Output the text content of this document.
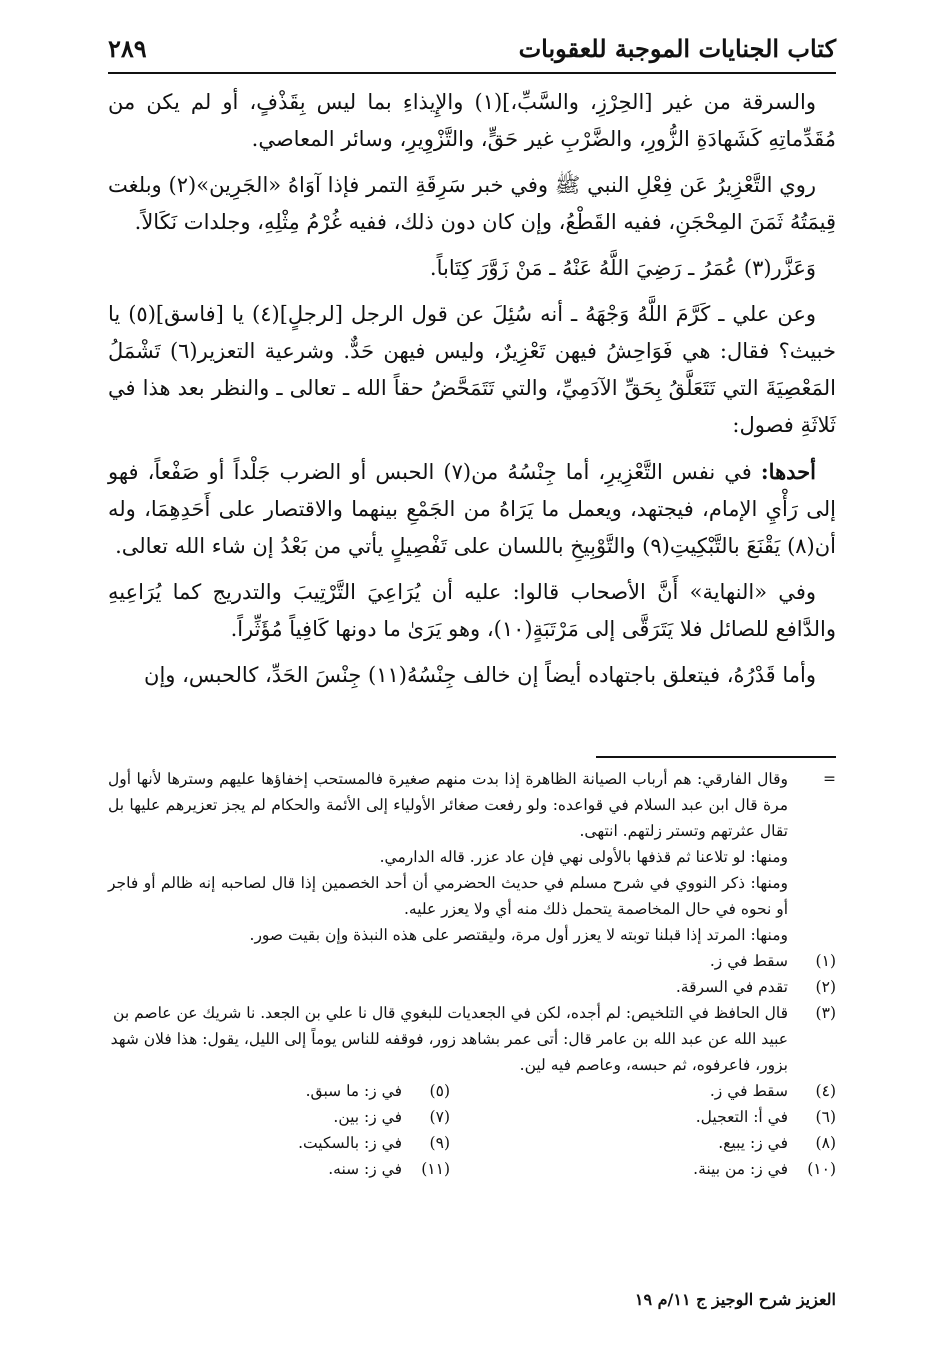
كتاب الجنايات الموجبة للعقوبات
٢٨٩

والسرقة من غير [الحِرْزِ، والسَّبِّ،](١) والإِيذاءِ بما ليس بِقَذْفٍ، أو لم يكن من مُقَدِّماتِهِ كَشَهادَةِ الزُّورِ، والضَّرْبِ غير حَقٍّ، والتَّزْوِيرِ، وسائر المعاصي.

روي التَّعْزِيرُ عَن فِعْلِ النبي ﷺ وفي خبر سَرِقَةِ التمر فإذا آوَاهُ «الجَرِين»(٢) وبلغت قِيمَتُهُ ثَمَنَ المِحْجَنِ، ففيه القَطْعُ، وإن كان دون ذلك، ففيه غُرْمُ مِثْلِهِ، وجلدات نَكَالاً.

وَعَزَّر(٣) عُمَرُ ـ رَضِيَ اللَّهُ عَنْهُ ـ مَنْ زَوَّرَ كِتَاباً.

وعن علي ـ كَرَّمَ اللَّهُ وَجْهَهُ ـ أنه سُئِلَ عن قول الرجل [لرجلٍ](٤) يا [فاسق](٥) يا خبيث؟ فقال: هي فَوَاحِشُ فيهن تَعْزِيرٌ، وليس فيهن حَدٌّ. وشرعية التعزير(٦) تَشْمَلُ المَعْصِيَةَ التي تَتَعَلَّقُ بِحَقِّ الآدَمِيِّ، والتي تَتَمَحَّضُ حقاً الله ـ تعالى ـ والنظر بعد هذا في ثَلاثَةِ فصول:

أحدها: في نفس التَّعْزِيرِ، أما جِنْسُهُ من(٧) الحبس أو الضرب جَلْداً أو صَفْعاً، فهو إلى رَأْيِ الإمام، فيجتهد، ويعمل ما يَرَاهُ من الجَمْعِ بينهما والاقتصار على أَحَدِهِمَا، وله أن(٨) يَقْنَعَ بالتَّبْكِيتِ(٩) والتَّوْبِيخِ باللسان على تَفْصِيلٍ يأتي من بَعْدُ إن شاء الله تعالى.

وفي «النهاية» أَنَّ الأصحاب قالوا: عليه أن يُرَاعِيَ التَّرْتِيبَ والتدريج كما يُرَاعِيهِ والدَّافع للصائل فلا يَتَرَقَّى إلى مَرْتَبَةٍ(١٠)، وهو يَرَىٰ ما دونها كَافِياً مُؤَثِّراً.

وأما قَدْرُهُ، فيتعلق باجتهاده أيضاً إن خالف جِنْسُهُ(١١) جِنْسَ الحَدِّ، كالحبس، وإن

=
وقال الفارقي: هم أرباب الصيانة الظاهرة إذا بدت منهم صغيرة فالمستحب إخفاؤها عليهم وسترها لأنها أول مرة قال ابن عبد السلام في قواعده: ولو رفعت صغائر الأولياء إلى الأئمة والحكام لم يجز تعزيرهم عليها بل تقال عثرتهم وتستر زلتهم. انتهى.
ومنها: لو تلاعنا ثم قذفها بالأولى نهي فإن عاد عزر. قاله الدارمي.
ومنها: ذكر النووي في شرح مسلم في حديث الحضرمي أن أحد الخصمين إذا قال لصاحبه إنه ظالم أو فاجر أو نحوه في حال المخاصمة يتحمل ذلك منه أي ولا يعزر عليه.
ومنها: المرتد إذا قبلنا توبته لا يعزر أول مرة، وليقتصر على هذه النبذة وإن بقيت صور.
(١)
سقط في ز.
(٢)
تقدم في السرقة.
(٣)
قال الحافظ في التلخيص: لم أجده، لكن في الجعديات للبغوي قال نا علي بن الجعد. نا شريك عن عاصم بن عبيد الله عن عبد الله بن عامر قال: أتى عمر بشاهد زور، فوقفه للناس يوماً إلى الليل، يقول: هذا فلان شهد بزور، فاعرفوه، ثم حبسه، وعاصم فيه لين.
(٤)
سقط في ز.
(٥)
في ز: ما سبق.
(٦)
في أ: التعجيل.
(٧)
في ز: بين.
(٨)
في ز: يبيع.
(٩)
في ز: بالسكيت.
(١٠)
في ز: من بينة.
(١١)
في ز: سنه.
العزيز شرح الوجيز ج ١١/م ١٩
